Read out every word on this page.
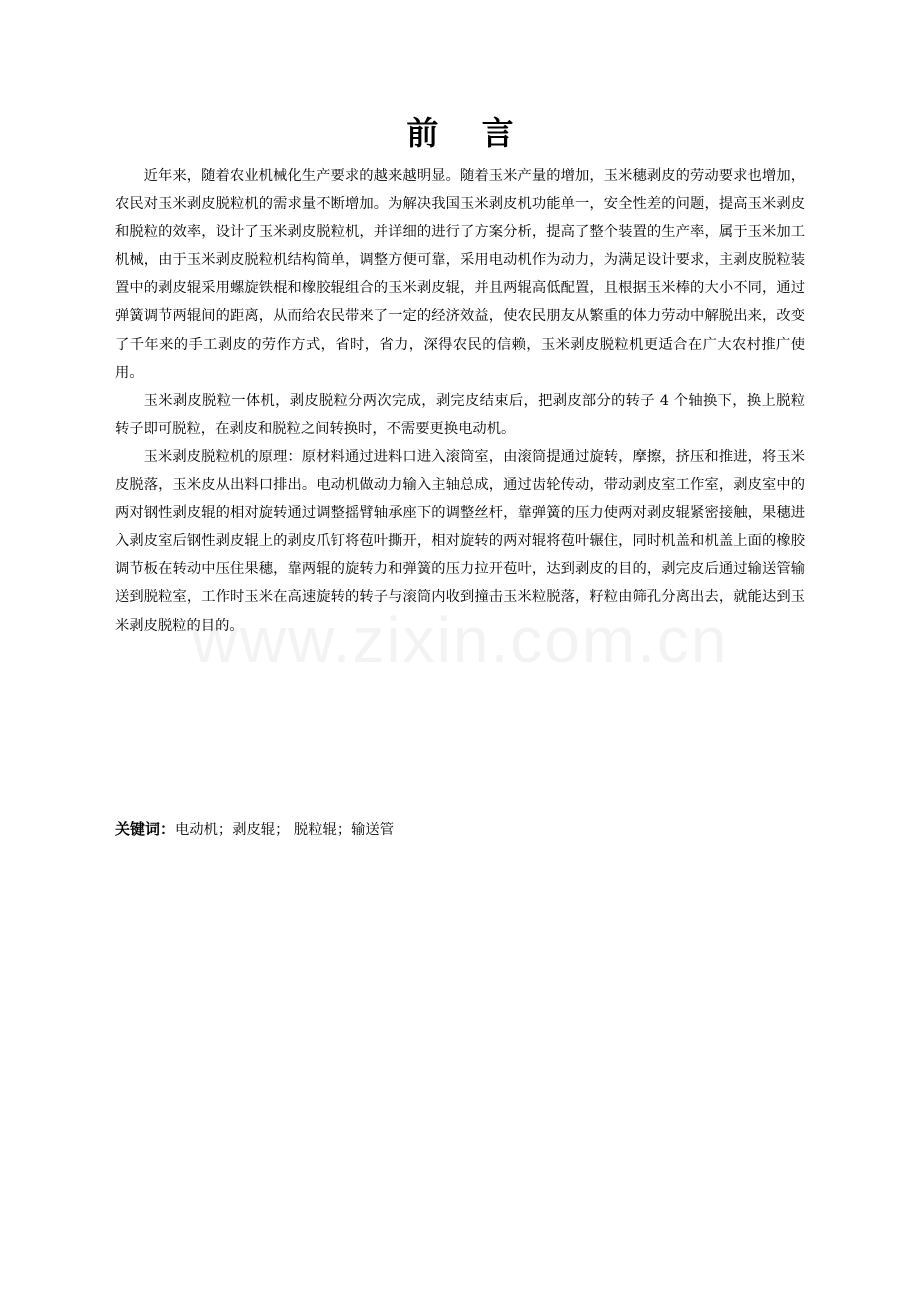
前 言

近年来，随着农业机械化生产要求的越来越明显。随着玉米产量的增加，玉米穗剥皮的劳动要求也增加，农民对玉米剥皮脱粒机的需求量不断增加。为解决我国玉米剥皮机功能单一，安全性差的问题，提高玉米剥皮和脱粒的效率，设计了玉米剥皮脱粒机，并详细的进行了方案分析，提高了整个装置的生产率，属于玉米加工机械，由于玉米剥皮脱粒机结构简单，调整方便可靠，采用电动机作为动力，为满足设计要求，主剥皮脱粒装置中的剥皮辊采用螺旋铁棍和橡胶辊组合的玉米剥皮辊，并且两辊高低配置，且根据玉米棒的大小不同，通过弹簧调节两辊间的距离，从而给农民带来了一定的经济效益，使农民朋友从繁重的体力劳动中解脱出来，改变了千年来的手工剥皮的劳作方式，省时，省力，深得农民的信赖，玉米剥皮脱粒机更适合在广大农村推广使用。

玉米剥皮脱粒一体机，剥皮脱粒分两次完成，剥完皮结束后，把剥皮部分的转子 4 个轴换下，换上脱粒转子即可脱粒，在剥皮和脱粒之间转换时，不需要更换电动机。

玉米剥皮脱粒机的原理：原材料通过进料口进入滚筒室，由滚筒提通过旋转，摩擦，挤压和推进，将玉米皮脱落，玉米皮从出料口排出。电动机做动力输入主轴总成，通过齿轮传动，带动剥皮室工作室，剥皮室中的两对钢性剥皮辊的相对旋转通过调整摇臂轴承座下的调整丝杆，靠弹簧的压力使两对剥皮辊紧密接触，果穗进入剥皮室后钢性剥皮辊上的剥皮爪钉将苞叶撕开，相对旋转的两对辊将苞叶辗住，同时机盖和机盖上面的橡胶调节板在转动中压住果穗，靠两辊的旋转力和弹簧的压力拉开苞叶，达到剥皮的目的，剥完皮后通过输送管输送到脱粒室，工作时玉米在高速旋转的转子与滚筒内收到撞击玉米粒脱落，籽粒由筛孔分离出去，就能达到玉米剥皮脱粒的目的。

关键词：电动机；剥皮辊； 脱粒辊；输送管
